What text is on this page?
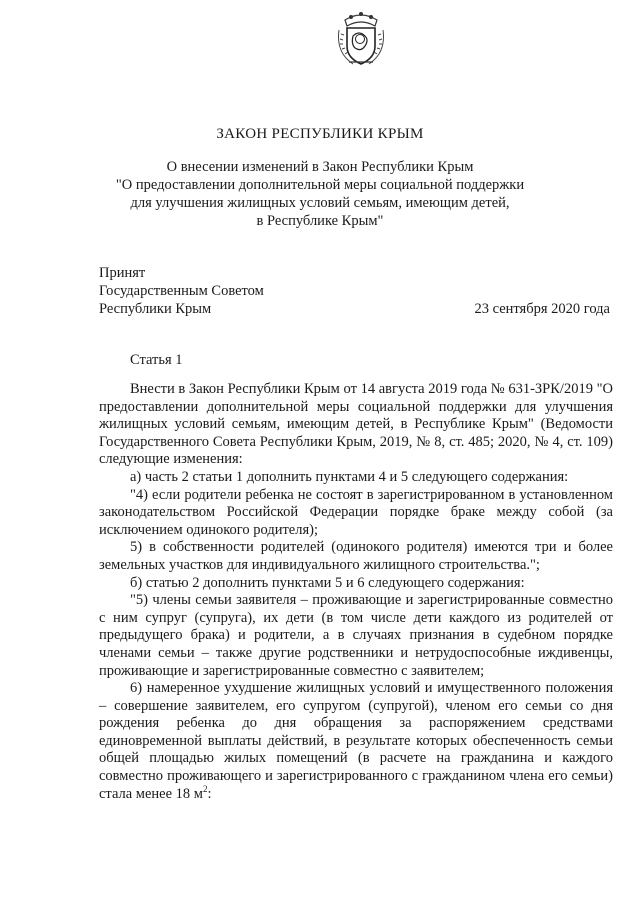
ЗАКОН РЕСПУБЛИКИ КРЫМ
О внесении изменений в Закон Республики Крым
"О предоставлении дополнительной меры социальной поддержки
для улучшения жилищных условий семьям, имеющим детей,
в Республике Крым"
Принят
Государственным Советом
Республики Крым	23 сентября 2020 года
Статья 1

Внести в Закон Республики Крым от 14 августа 2019 года № 631-ЗРК/2019 "О предоставлении дополнительной меры социальной поддержки для улучшения жилищных условий семьям, имеющим детей, в Республике Крым" (Ведомости Государственного Совета Республики Крым, 2019, № 8, ст. 485; 2020, № 4, ст. 109) следующие изменения:

а) часть 2 статьи 1 дополнить пунктами 4 и 5 следующего содержания:

"4) если родители ребенка не состоят в зарегистрированном в установленном законодательством Российской Федерации порядке браке между собой (за исключением одинокого родителя);

5) в собственности родителей (одинокого родителя) имеются три и более земельных участков для индивидуального жилищного строительства.";

б) статью 2 дополнить пунктами 5 и 6 следующего содержания:

"5) члены семьи заявителя – проживающие и зарегистрированные совместно с ним супруг (супруга), их дети (в том числе дети каждого из родителей от предыдущего брака) и родители, а в случаях признания в судебном порядке членами семьи – также другие родственники и нетрудоспособные иждивенцы, проживающие и зарегистрированные совместно с заявителем;

6) намеренное ухудшение жилищных условий и имущественного положения – совершение заявителем, его супругом (супругой), членом его семьи со дня рождения ребенка до дня обращения за распоряжением средствами единовременной выплаты действий, в результате которых обеспеченность семьи общей площадью жилых помещений (в расчете на гражданина и каждого совместно проживающего и зарегистрированного с гражданином члена его семьи) стала менее 18 $м^2$:
